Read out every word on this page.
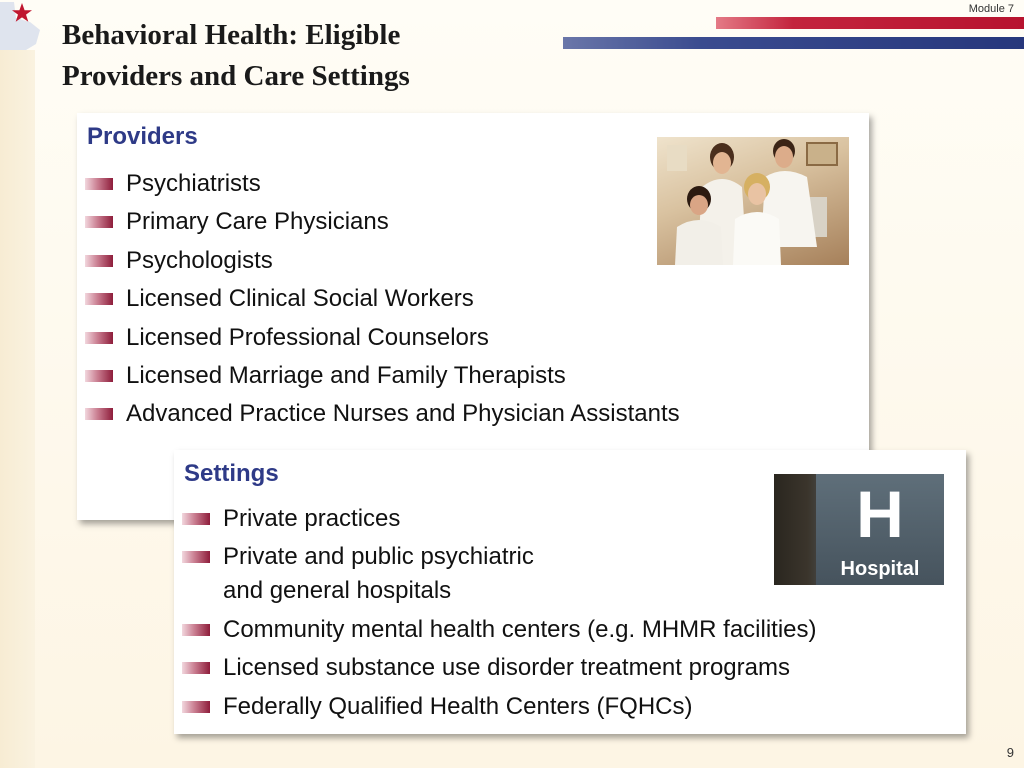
Module 7
Behavioral Health: Eligible
Providers and Care Settings
Providers
Psychiatrists
Primary Care Physicians
Psychologists
Licensed Clinical Social Workers
Licensed Professional Counselors
Licensed Marriage and Family Therapists
Advanced Practice Nurses and Physician Assistants
Settings
Private practices
Private and public psychiatric
and general hospitals
Community mental health centers (e.g. MHMR facilities)
Licensed substance use disorder treatment programs
Federally Qualified Health Centers (FQHCs)
H
Hospital
9
